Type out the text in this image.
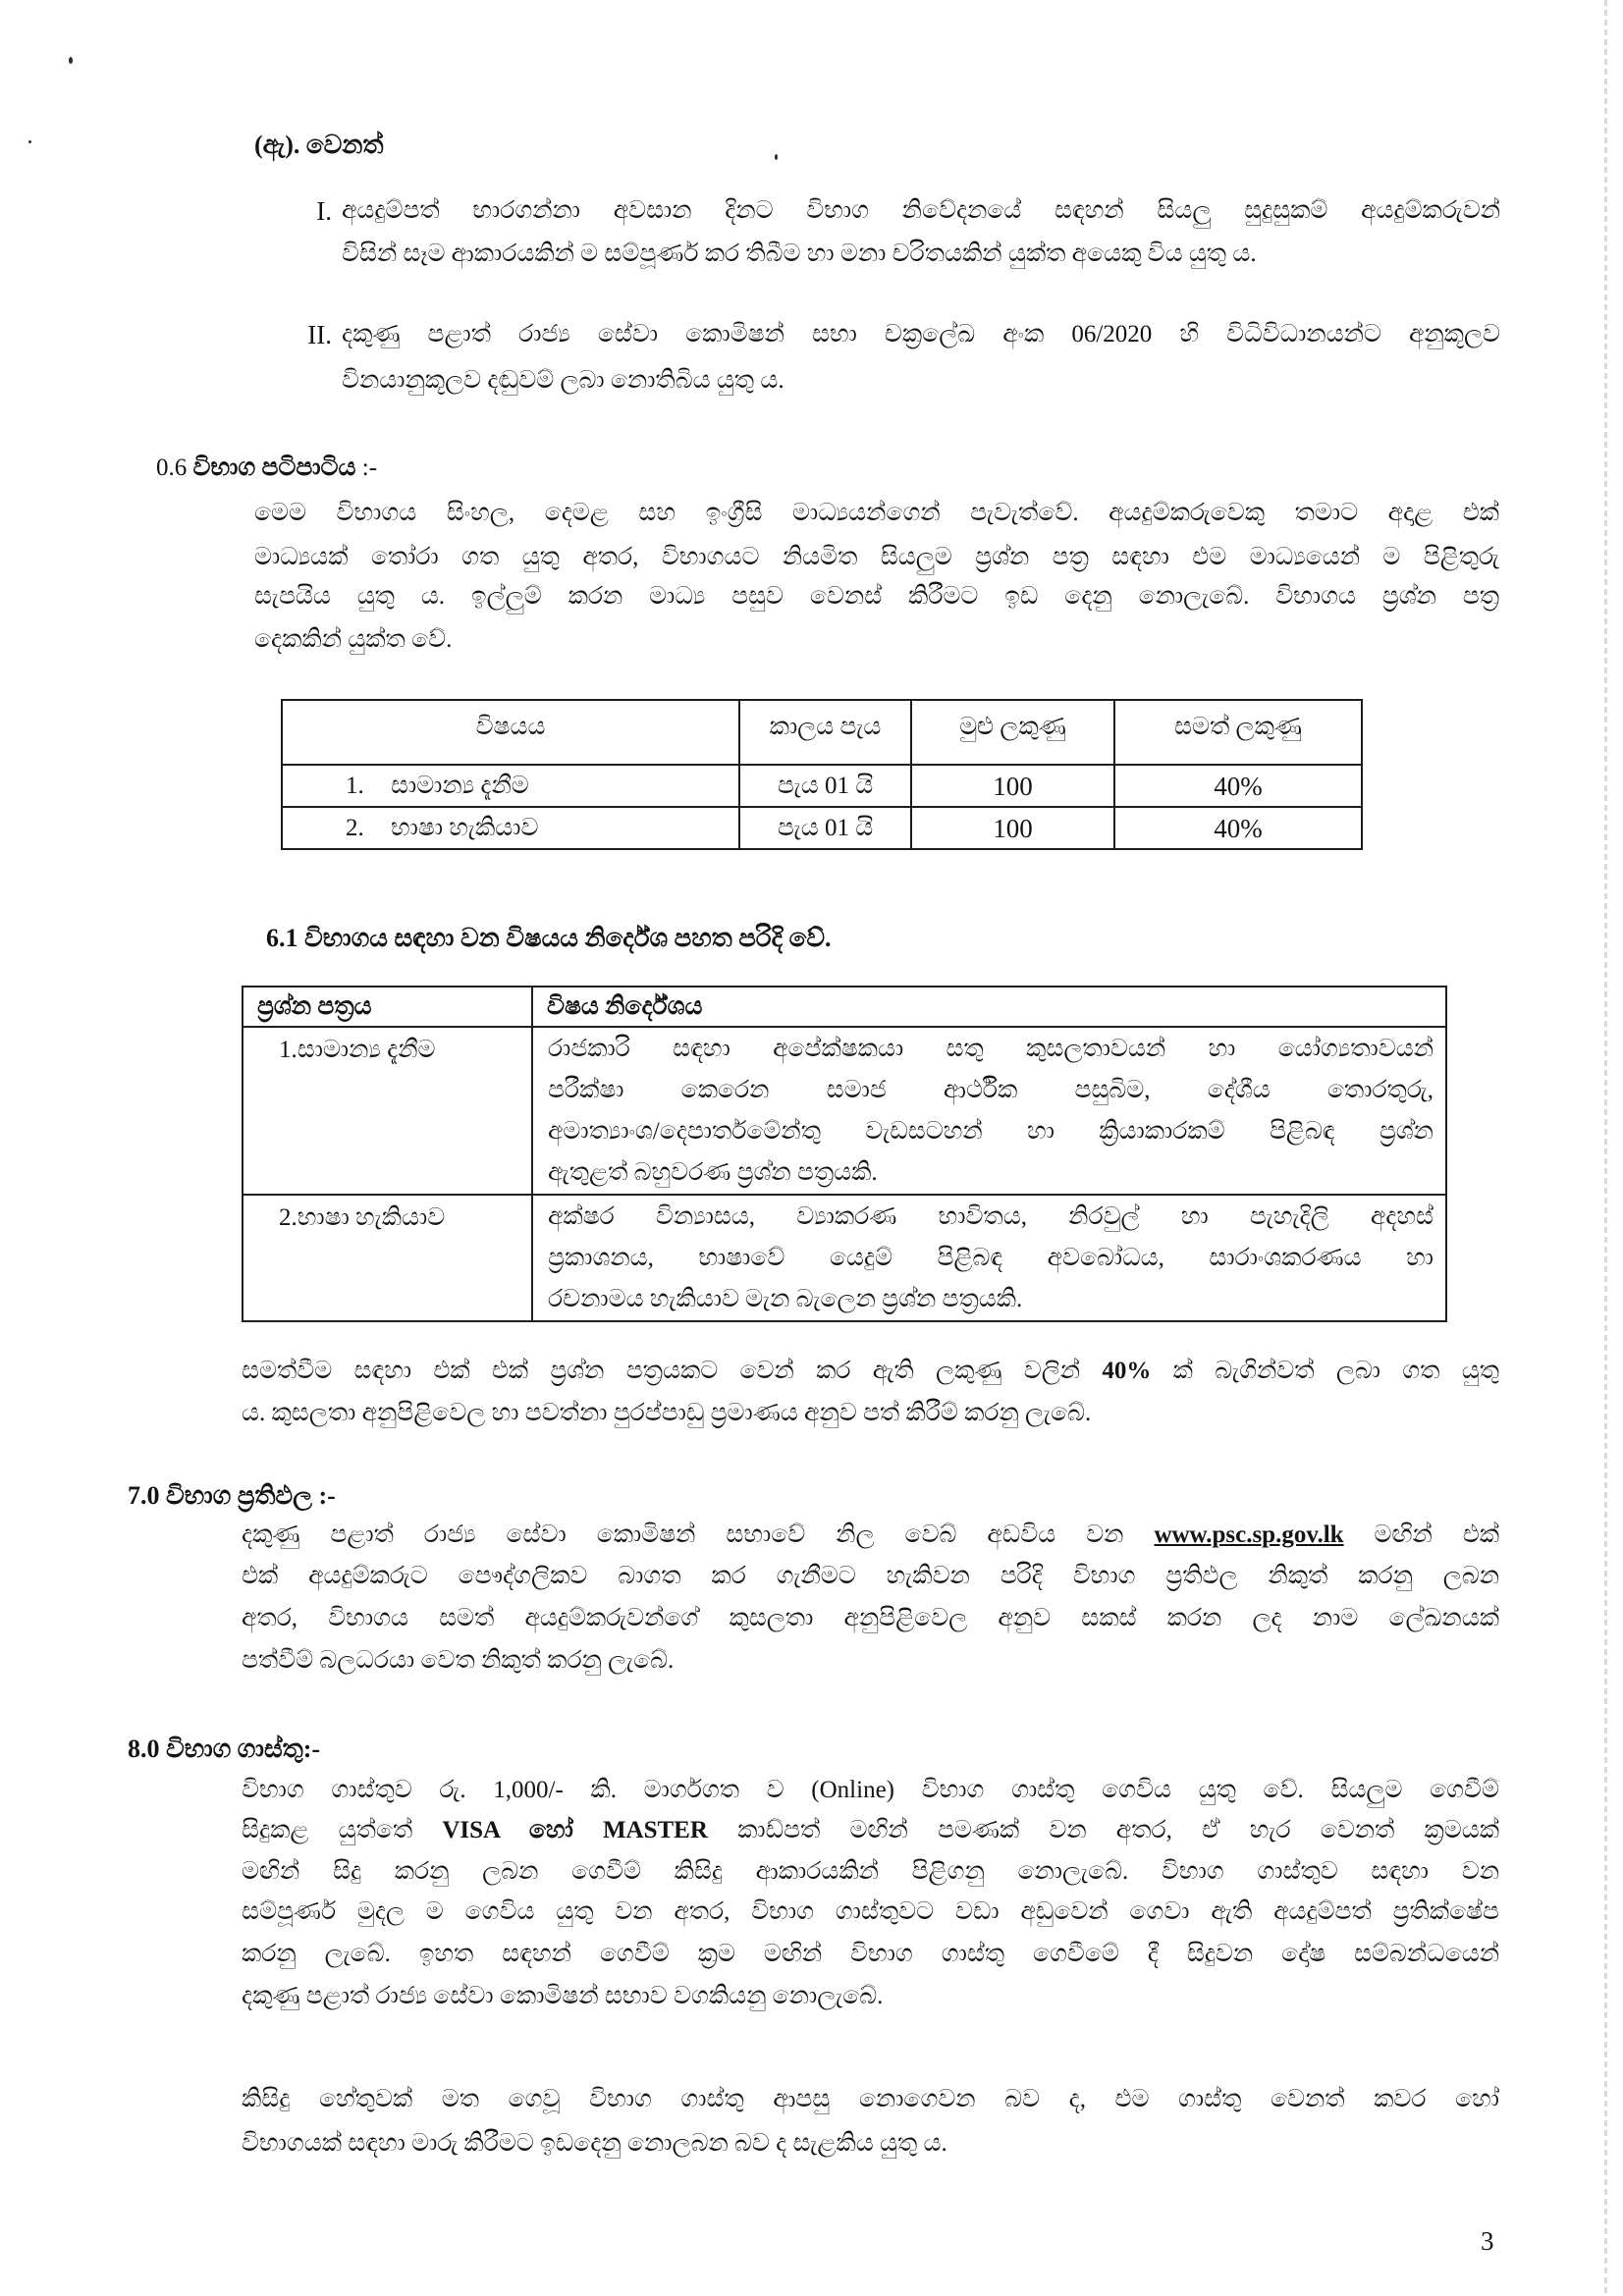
(ඇ). වෙනත්
I. අයදුම්පත් භාරගන්නා අවසාන දිනට විභාග නිවේදනයේ සඳහන් සියලු සුදුසුකම් අයදුම්කරුවන්
විසින් සෑම ආකාරයකින් ම සම්පූර්ණ කර තිබීම හා මනා චරිතයකින් යුක්ත අයෙකු විය යුතු ය.
II. දකුණු පළාත් රාජ්‍ය සේවා කොමිෂන් සභා චක්‍රලේඛ අංක 06/2020 හි විධිවිධානයන්ට අනුකූලව
විනයානුකූලව දඬුවම් ලබා නොතිබිය යුතු ය.
0.6 විභාග පටිපාටිය :-
මෙම විභාගය සිංහල, දෙමළ සහ ඉංග්‍රීසි මාධ්‍යයන්ගෙන් පැවැත්වේ. අයදුම්කරුවෙකු තමාට අදාළ එක්
මාධ්‍යයක් තෝරා ගත යුතු අතර, විභාගයට නියමිත සියලුම ප්‍රශ්න පත්‍ර සඳහා එම මාධ්‍යයෙන් ම පිළිතුරු
සැපයිය යුතු ය. ඉල්ලුම් කරන මාධ්‍ය පසුව වෙනස් කිරීමට ඉඩ දෙනු නොලැබේ. විභාගය ප්‍රශ්න පත්‍ර
දෙකකින් යුක්ත වේ.
විෂයය	කාලය පැය	මුළු ලකුණු	සමත් ලකුණු
1. සාමාන්‍ය දැනීම	පැය 01 යි	100	40%
2. භාෂා හැකියාව	පැය 01 යි	100	40%
6.1 විභාගය සඳහා වන විෂයය නිර්දේශ පහත පරිදි වේ.
ප්‍රශ්න පත්‍රය	විෂය නිර්දේශය
1.සාමාන්‍ය දැනීම	රාජකාරි සඳහා අපේක්ෂකයා සතු කුසලතාවයන් හා යෝග්‍යතාවයන්
පරීක්ෂා කෙරෙන සමාජ ආර්ථික පසුබිම, දේශීය තොරතුරු,
අමාත්‍යාංශ/දෙපාර්තමේන්තු වැඩසටහන් හා ක්‍රියාකාරකම් පිළිබඳ ප්‍රශ්න
ඇතුළත් බහුවරණ ප්‍රශ්න පත්‍රයකි.

2.භාෂා හැකියාව	අක්ෂර වින්‍යාසය, ව්‍යාකරණ භාවිතය, නිරවුල් හා පැහැදිලි අදහස්
ප්‍රකාශනය, භාෂාවේ යෙදුම් පිළිබඳ අවබෝධය, සාරාංශකරණය හා
රචනාමය හැකියාව මැන බැලෙන ප්‍රශ්න පත්‍රයකි.
සමත්වීම සඳහා එක් එක් ප්‍රශ්න පත්‍රයකට වෙන් කර ඇති ලකුණු වලින් 40% ක් බැගින්වත් ලබා ගත යුතු
ය. කුසලතා අනුපිළිවෙල හා පවත්නා පුරප්පාඩු ප්‍රමාණය අනුව පත් කිරීම් කරනු ලැබේ.
7.0 විභාග ප්‍රතිඵල :-
දකුණු පළාත් රාජ්‍ය සේවා කොමිෂන් සභාවේ නිල වෙබ් අඩවිය වන www.psc.sp.gov.lk මඟින් එක්
එක් අයදුම්කරුට පෞද්ගලිකව බාගත කර ගැනීමට හැකිවන පරිදි විභාග ප්‍රතිඵල නිකුත් කරනු ලබන
අතර, විභාගය සමත් අයදුම්කරුවන්ගේ කුසලතා අනුපිළිවෙල අනුව සකස් කරන ලද නාම ලේඛනයක්
පත්වීම් බලධරයා වෙත නිකුත් කරනු ලැබේ.
8.0 විභාග ගාස්තු:-
විභාග ගාස්තුව රු. 1,000/- කි. මාර්ගගත ව (Online) විභාග ගාස්තු ගෙවිය යුතු වේ. සියලුම ගෙවීම්
සිදුකළ යුත්තේ VISA හෝ MASTER කාඩ්පත් මඟින් පමණක් වන අතර, ඒ හැර වෙනත් ක්‍රමයක්
මඟින් සිදු කරනු ලබන ගෙවීම් කිසිදු ආකාරයකින් පිළිගනු නොලැබේ. විභාග ගාස්තුව සඳහා වන
සම්පූර්ණ මුදල ම ගෙවිය යුතු වන අතර, විභාග ගාස්තුවට වඩා අඩුවෙන් ගෙවා ඇති අයදුම්පත් ප්‍රතික්ෂේප
කරනු ලැබේ. ඉහත සඳහන් ගෙවීම් ක්‍රම මඟින් විභාග ගාස්තු ගෙවීමේ දී සිදුවන දෝෂ සම්බන්ධයෙන්
දකුණු පළාත් රාජ්‍ය සේවා කොමිෂන් සභාව වගකියනු නොලැබේ.
කිසිදු හේතුවක් මත ගෙවූ විභාග ගාස්තු ආපසු නොගෙවන බව ද, එම ගාස්තු වෙනත් කවර හෝ
විභාගයක් සඳහා මාරු කිරීමට ඉඩදෙනු නොලබන බව ද සැළකිය යුතු ය.
3
